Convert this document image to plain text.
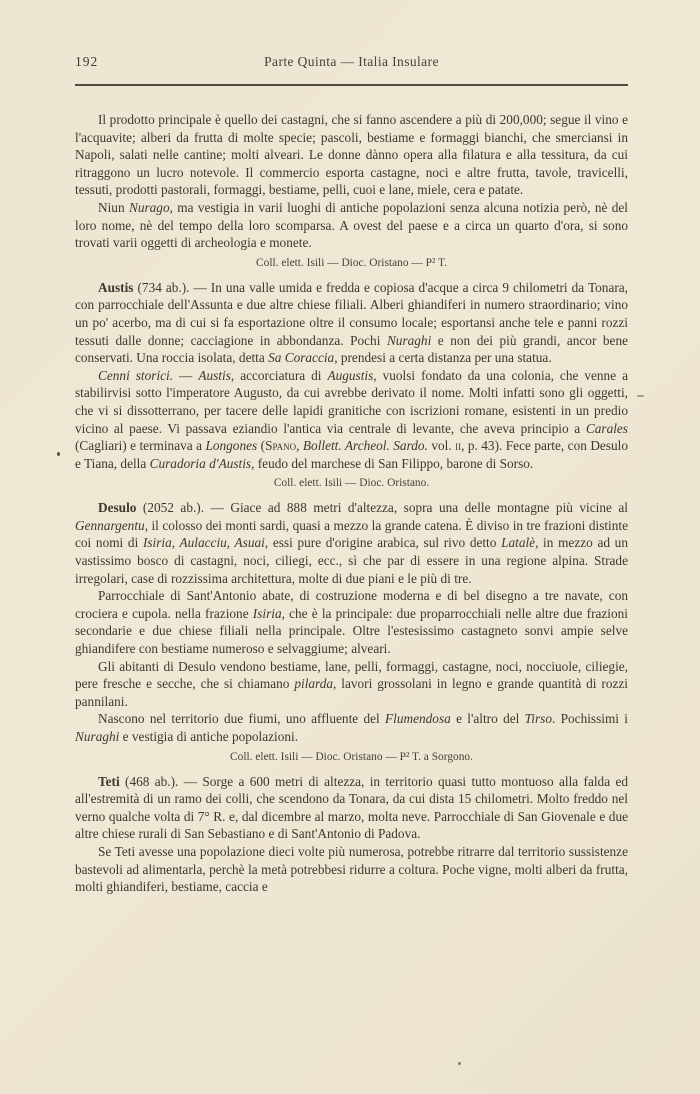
192	Parte Quinta — Italia Insulare

Il prodotto principale è quello dei castagni, che si fanno ascendere a più di 200,000; segue il vino e l'acquavite; alberi da frutta di molte specie; pascoli, bestiame e formaggi bianchi, che smerciansi in Napoli, salati nelle cantine; molti alveari. Le donne dànno opera alla filatura e alla tessitura, da cui ritraggono un lucro notevole. Il commercio esporta castagne, noci e altre frutta, tavole, travicelli, tessuti, prodotti pastorali, formaggi, bestiame, pelli, cuoi e lane, miele, cera e patate.

Niun Nurago, ma vestigia in varii luoghi di antiche popolazioni senza alcuna notizia però, nè del loro nome, nè del tempo della loro scomparsa. A ovest del paese e a circa un quarto d'ora, si sono trovati varii oggetti di archeologia e monete.

Coll. elett. Isili — Dioc. Oristano — P² T.

Austis (734 ab.). — In una valle umida e fredda e copiosa d'acque a circa 9 chilometri da Tonara, con parrocchiale dell'Assunta e due altre chiese filiali. Alberi ghiandiferi in numero straordinario; vino un po' acerbo, ma di cui si fa esportazione oltre il consumo locale; esportansi anche tele e panni rozzi tessuti dalle donne; cacciagione in abbondanza. Pochi Nuraghi e non dei più grandi, ancor bene conservati. Una roccia isolata, detta Sa Coraccia, prendesi a certa distanza per una statua.

Cenni storici. — Austis, accorciatura di Augustis, vuolsi fondato da una colonia, che venne a stabilirvisi sotto l'imperatore Augusto, da cui avrebbe derivato il nome. Molti infatti sono gli oggetti, che vi si dissotterrano, per tacere delle lapidi granitiche con iscrizioni romane, esistenti in un predio vicino al paese. Vi passava eziandio l'antica via centrale di levante, che aveva principio a Carales (Cagliari) e terminava a Longones (Spano, Bollett. Archeol. Sardo. vol. ii, p. 43). Fece parte, con Desulo e Tiana, della Curadoria d'Austis, feudo del marchese di San Filippo, barone di Sorso.

Coll. elett. Isili — Dioc. Oristano.

Desulo (2052 ab.). — Giace ad 888 metri d'altezza, sopra una delle montagne più vicine al Gennargentu, il colosso dei monti sardi, quasi a mezzo la grande catena. È diviso in tre frazioni distinte coi nomi di Isiria, Aulacciu, Asuai, essi pure d'origine arabica, sul rivo detto Latalè, in mezzo ad un vastissimo bosco di castagni, noci, ciliegi, ecc., sì che par di essere in una regione alpina. Strade irregolari, case di rozzissima architettura, molte di due piani e le più di tre.

Parrocchiale di Sant'Antonio abate, di costruzione moderna e di bel disegno a tre navate, con crociera e cupola. nella frazione Isiria, che è la principale: due proparrocchiali nelle altre due frazioni secondarie e due chiese filiali nella principale. Oltre l'estesissimo castagneto sonvi ampie selve ghiandifere con bestiame numeroso e selvaggiume; alveari.

Gli abitanti di Desulo vendono bestiame, lane, pelli, formaggi, castagne, noci, nocciuole, ciliegie, pere fresche e secche, che si chiamano pilarda, lavori grossolani in legno e grande quantità di rozzi pannilani.

Nascono nel territorio due fiumi, uno affluente del Flumendosa e l'altro del Tirso. Pochissimi i Nuraghi e vestigia di antiche popolazioni.

Coll. elett. Isili — Dioc. Oristano — P² T. a Sorgono.

Teti (468 ab.). — Sorge a 600 metri di altezza, in territorio quasi tutto montuoso alla falda ed all'estremità di un ramo dei colli, che scendono da Tonara, da cui dista 15 chilometri. Molto freddo nel verno qualche volta di 7° R. e, dal dicembre al marzo, molta neve. Parrocchiale di San Giovenale e due altre chiese rurali di San Sebastiano e di Sant'Antonio di Padova.

Se Teti avesse una popolazione dieci volte più numerosa, potrebbe ritrarre dal territorio sussistenze bastevoli ad alimentarla, perchè la metà potrebbesi ridurre a coltura. Poche vigne, molti alberi da frutta, molti ghiandiferi, bestiame, caccia e
